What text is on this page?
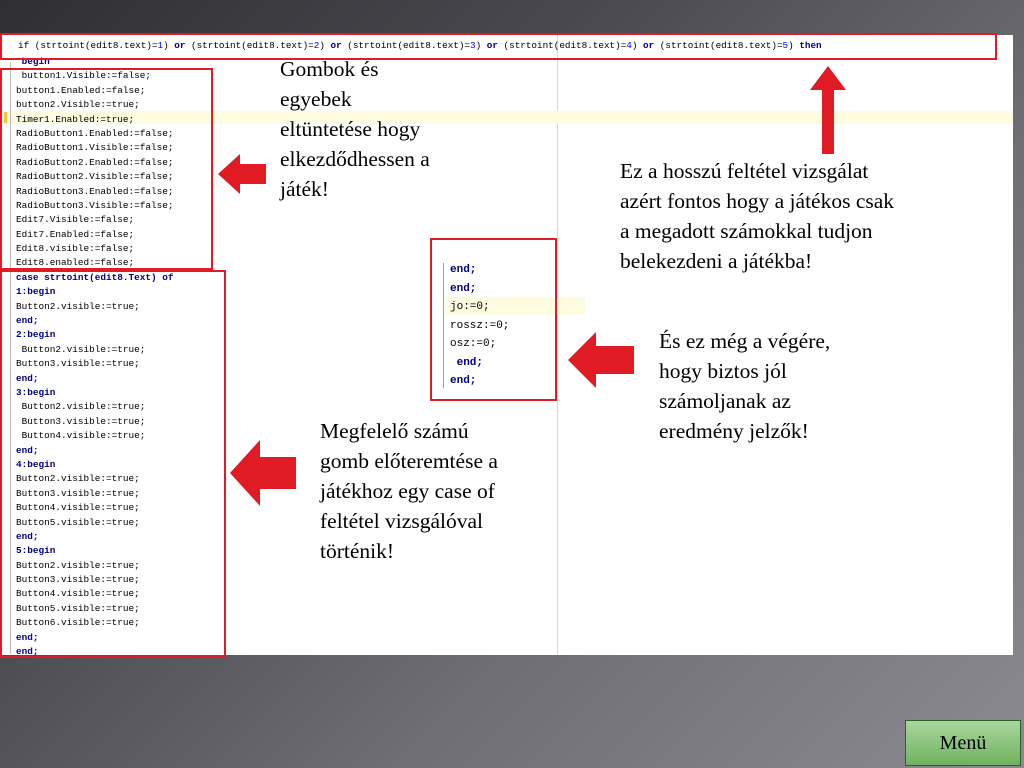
if (strtoint(edit8.text)=1) or (strtoint(edit8.text)=2) or (strtoint(edit8.text)=3) or (strtoint(edit8.text)=4) or (strtoint(edit8.text)=5) then
begin
button1.Visible:=false;
button1.Enabled:=false;
button2.Visible:=true;
Timer1.Enabled:=true;
RadioButton1.Enabled:=false;
RadioButton1.Visible:=false;
RadioButton2.Enabled:=false;
RadioButton2.Visible:=false;
RadioButton3.Enabled:=false;
RadioButton3.Visible:=false;
Edit7.Visible:=false;
Edit7.Enabled:=false;
Edit8.visible:=false;
Edit8.enabled:=false;
case strtoint(edit8.Text) of
1:begin
Button2.visible:=true;
end;
2:begin
Button2.visible:=true;
Button3.visible:=true;
end;
3:begin
Button2.visible:=true;
Button3.visible:=true;
Button4.visible:=true;
end;
4:begin
Button2.visible:=true;
Button3.visible:=true;
Button4.visible:=true;
Button5.visible:=true;
end;
5:begin
Button2.visible:=true;
Button3.visible:=true;
Button4.visible:=true;
Button5.visible:=true;
Button6.visible:=true;
end;
end;
end;
end;
jo:=0;
rossz:=0;
osz:=0;
end;
end;
Gombok és
egyebek
eltüntetése hogy
elkezdődhessen a
játék!
Ez a hosszú feltétel vizsgálat
azért fontos hogy a játékos csak
a megadott számokkal tudjon
belekezdeni a játékba!
És ez még a végére,
hogy biztos jól
számoljanak az
eredmény jelzők!
Megfelelő számú
gomb előteremtése a
játékhoz egy case of
feltétel vizsgálóval
történik!
Menü
